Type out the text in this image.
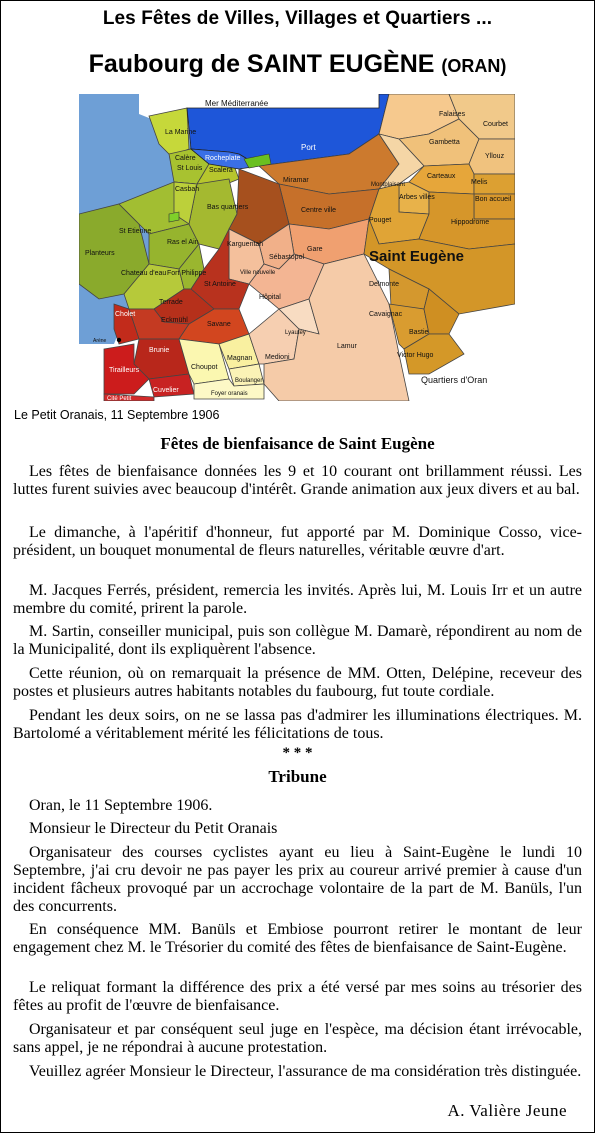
Les Fêtes de Villes, Villages et Quartiers ...
Faubourg de SAINT EUGÈNE (ORAN)
Mer Méditerranée
La Marine
Calère
St Louis
Casbah
Scalera
Rocheplate
Port
Planteurs
St Etienne
Ras el Ain
Chateau d'eau Fort Philippe
Bas quartiers
Miramar
Centre ville
Karguentah
Gare
Sébastopol
Ville nouvelle
St Antoine
Hôpital
Terrade
Eckmühl
Cholet
Savane
Arène
Brunie
Tirailleurs
Cuvelier
Cité Petit
Choupot
Magnan
Boulanger
Foyer oranais
Medioni
Lyautey
Lamur
Falaises
Courbet
Gambetta
Yllouz
Montplaisant
Carteaux
Arbes villes
Melis
Bon accueil
Pouget	Hippodrome
Saint Eugène
Delmonte
Cavaignac
Bastie
Victor Hugo
Quartiers d'Oran
Le Petit Oranais, 11 Septembre 1906
Fêtes de bienfaisance de Saint Eugène
Les fêtes de bienfaisance données les 9 et 10 courant ont brillamment réussi. Les luttes furent suivies avec beaucoup d'intérêt. Grande animation aux jeux divers et au bal.
Le dimanche, à l'apéritif d'honneur, fut apporté par M. Dominique Cosso, vice-président, un bouquet monumental de fleurs naturelles, véritable œuvre d'art.
M. Jacques Ferrés, président, remercia les invités. Après lui, M. Louis Irr et un autre membre du comité, prirent la parole.
M. Sartin, conseiller municipal, puis son collègue M. Damarè, répondirent au nom de la Municipalité, dont ils expliquèrent l'absence.
Cette réunion, où on remarquait la présence de MM. Otten, Delépine, receveur des postes et plusieurs autres habitants notables du faubourg, fut toute cordiale.
Pendant les deux soirs, on ne se lassa pas d'admirer les illuminations électriques. M. Bartolomé a véritablement mérité les félicitations de tous.
* * *
Tribune
Oran, le 11 Septembre 1906.
Monsieur le Directeur du Petit Oranais
Organisateur des courses cyclistes ayant eu lieu à Saint-Eugène le lundi 10 Septembre, j'ai cru devoir ne pas payer les prix au coureur arrivé premier à cause d'un incident fâcheux provoqué par un accrochage volontaire de la part de M. Banüls, l'un des concurrents.
En conséquence MM. Banüls et Embiose pourront retirer le montant de leur engagement chez M. le Trésorier du comité des fêtes de bienfaisance de Saint-Eugène.
Le reliquat formant la différence des prix a été versé par mes soins au trésorier des fêtes au profit de l'œuvre de bienfaisance.
Organisateur et par conséquent seul juge en l'espèce, ma décision étant irrévocable, sans appel, je ne répondrai à aucune protestation.
Veuillez agréer Monsieur le Directeur, l'assurance de ma considération très distinguée.
A. Valière Jeune
